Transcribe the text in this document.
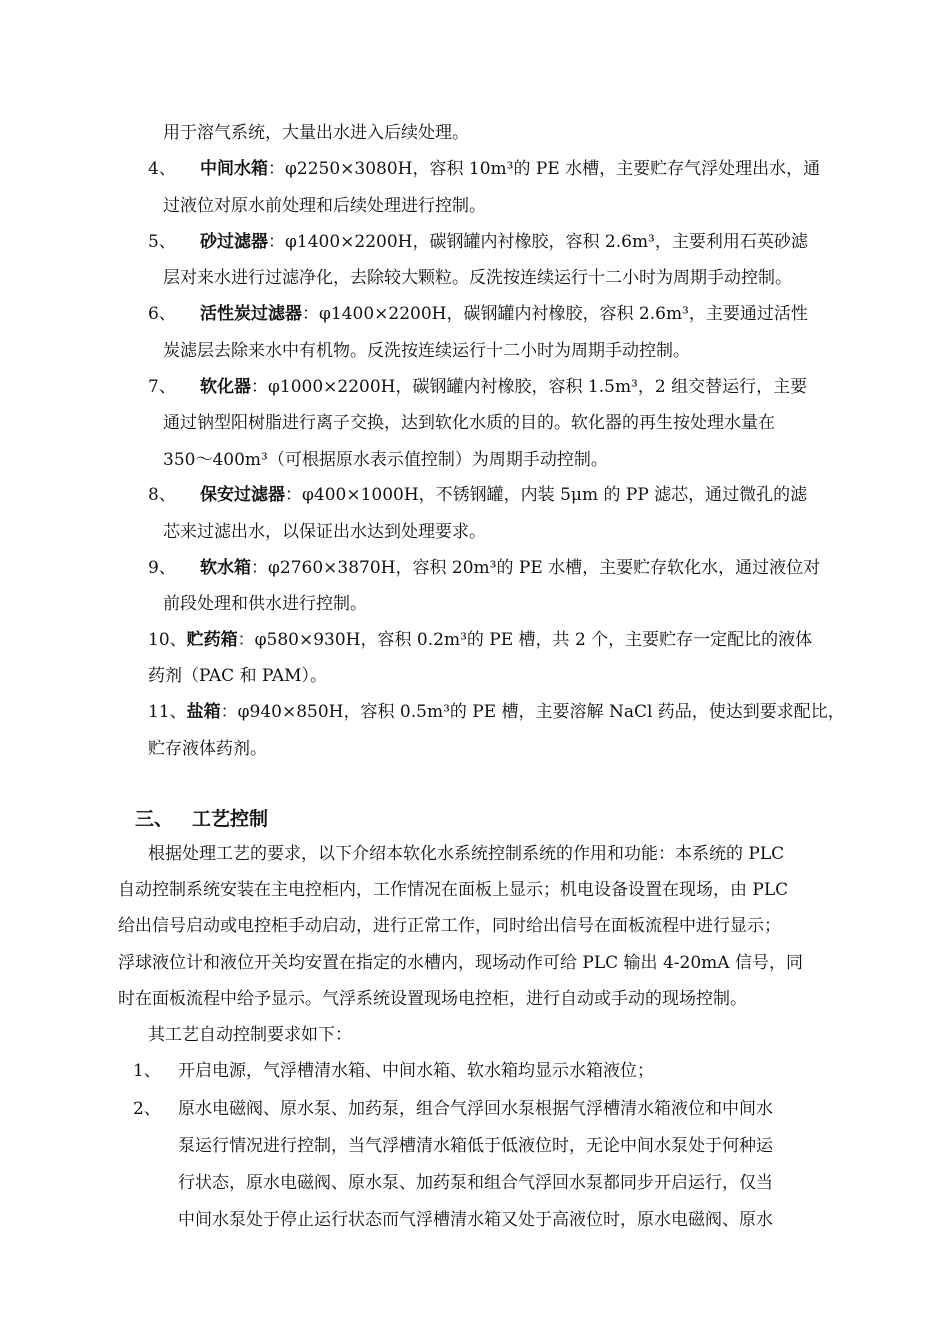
用于溶气系统，大量出水进入后续处理。
4、 中间水箱：φ2250×3080H，容积 10m³的 PE 水槽，主要贮存气浮处理出水，通
过液位对原水前处理和后续处理进行控制。
5、 砂过滤器：φ1400×2200H，碳钢罐内衬橡胶，容积 2.6m³，主要利用石英砂滤
层对来水进行过滤净化，去除较大颗粒。反洗按连续运行十二小时为周期手动控制。
6、 活性炭过滤器：φ1400×2200H，碳钢罐内衬橡胶，容积 2.6m³，主要通过活性
炭滤层去除来水中有机物。反洗按连续运行十二小时为周期手动控制。
7、 软化器：φ1000×2200H，碳钢罐内衬橡胶，容积 1.5m³，2 组交替运行，主要
通过钠型阳树脂进行离子交换，达到软化水质的目的。软化器的再生按处理水量在
350～400m³（可根据原水表示值控制）为周期手动控制。
8、 保安过滤器：φ400×1000H，不锈钢罐，内装 5μm 的 PP 滤芯，通过微孔的滤
芯来过滤出水，以保证出水达到处理要求。
9、 软水箱：φ2760×3870H，容积 20m³的 PE 水槽，主要贮存软化水，通过液位对
前段处理和供水进行控制。
10、贮药箱：φ580×930H，容积 0.2m³的 PE 槽，共 2 个，主要贮存一定配比的液体
药剂（PAC 和 PAM）。
11、盐箱：φ940×850H，容积 0.5m³的 PE 槽，主要溶解 NaCl 药品，使达到要求配比，
贮存液体药剂。
三、 工艺控制
根据处理工艺的要求，以下介绍本软化水系统控制系统的作用和功能：本系统的 PLC
自动控制系统安装在主电控柜内，工作情况在面板上显示；机电设备设置在现场，由 PLC
给出信号启动或电控柜手动启动，进行正常工作，同时给出信号在面板流程中进行显示；
浮球液位计和液位开关均安置在指定的水槽内，现场动作可给 PLC 输出 4-20mA 信号，同
时在面板流程中给予显示。气浮系统设置现场电控柜，进行自动或手动的现场控制。
其工艺自动控制要求如下：
1、 开启电源，气浮槽清水箱、中间水箱、软水箱均显示水箱液位；
2、 原水电磁阀、原水泵、加药泵，组合气浮回水泵根据气浮槽清水箱液位和中间水
泵运行情况进行控制，当气浮槽清水箱低于低液位时，无论中间水泵处于何种运
行状态，原水电磁阀、原水泵、加药泵和组合气浮回水泵都同步开启运行，仅当
中间水泵处于停止运行状态而气浮槽清水箱又处于高液位时，原水电磁阀、原水
